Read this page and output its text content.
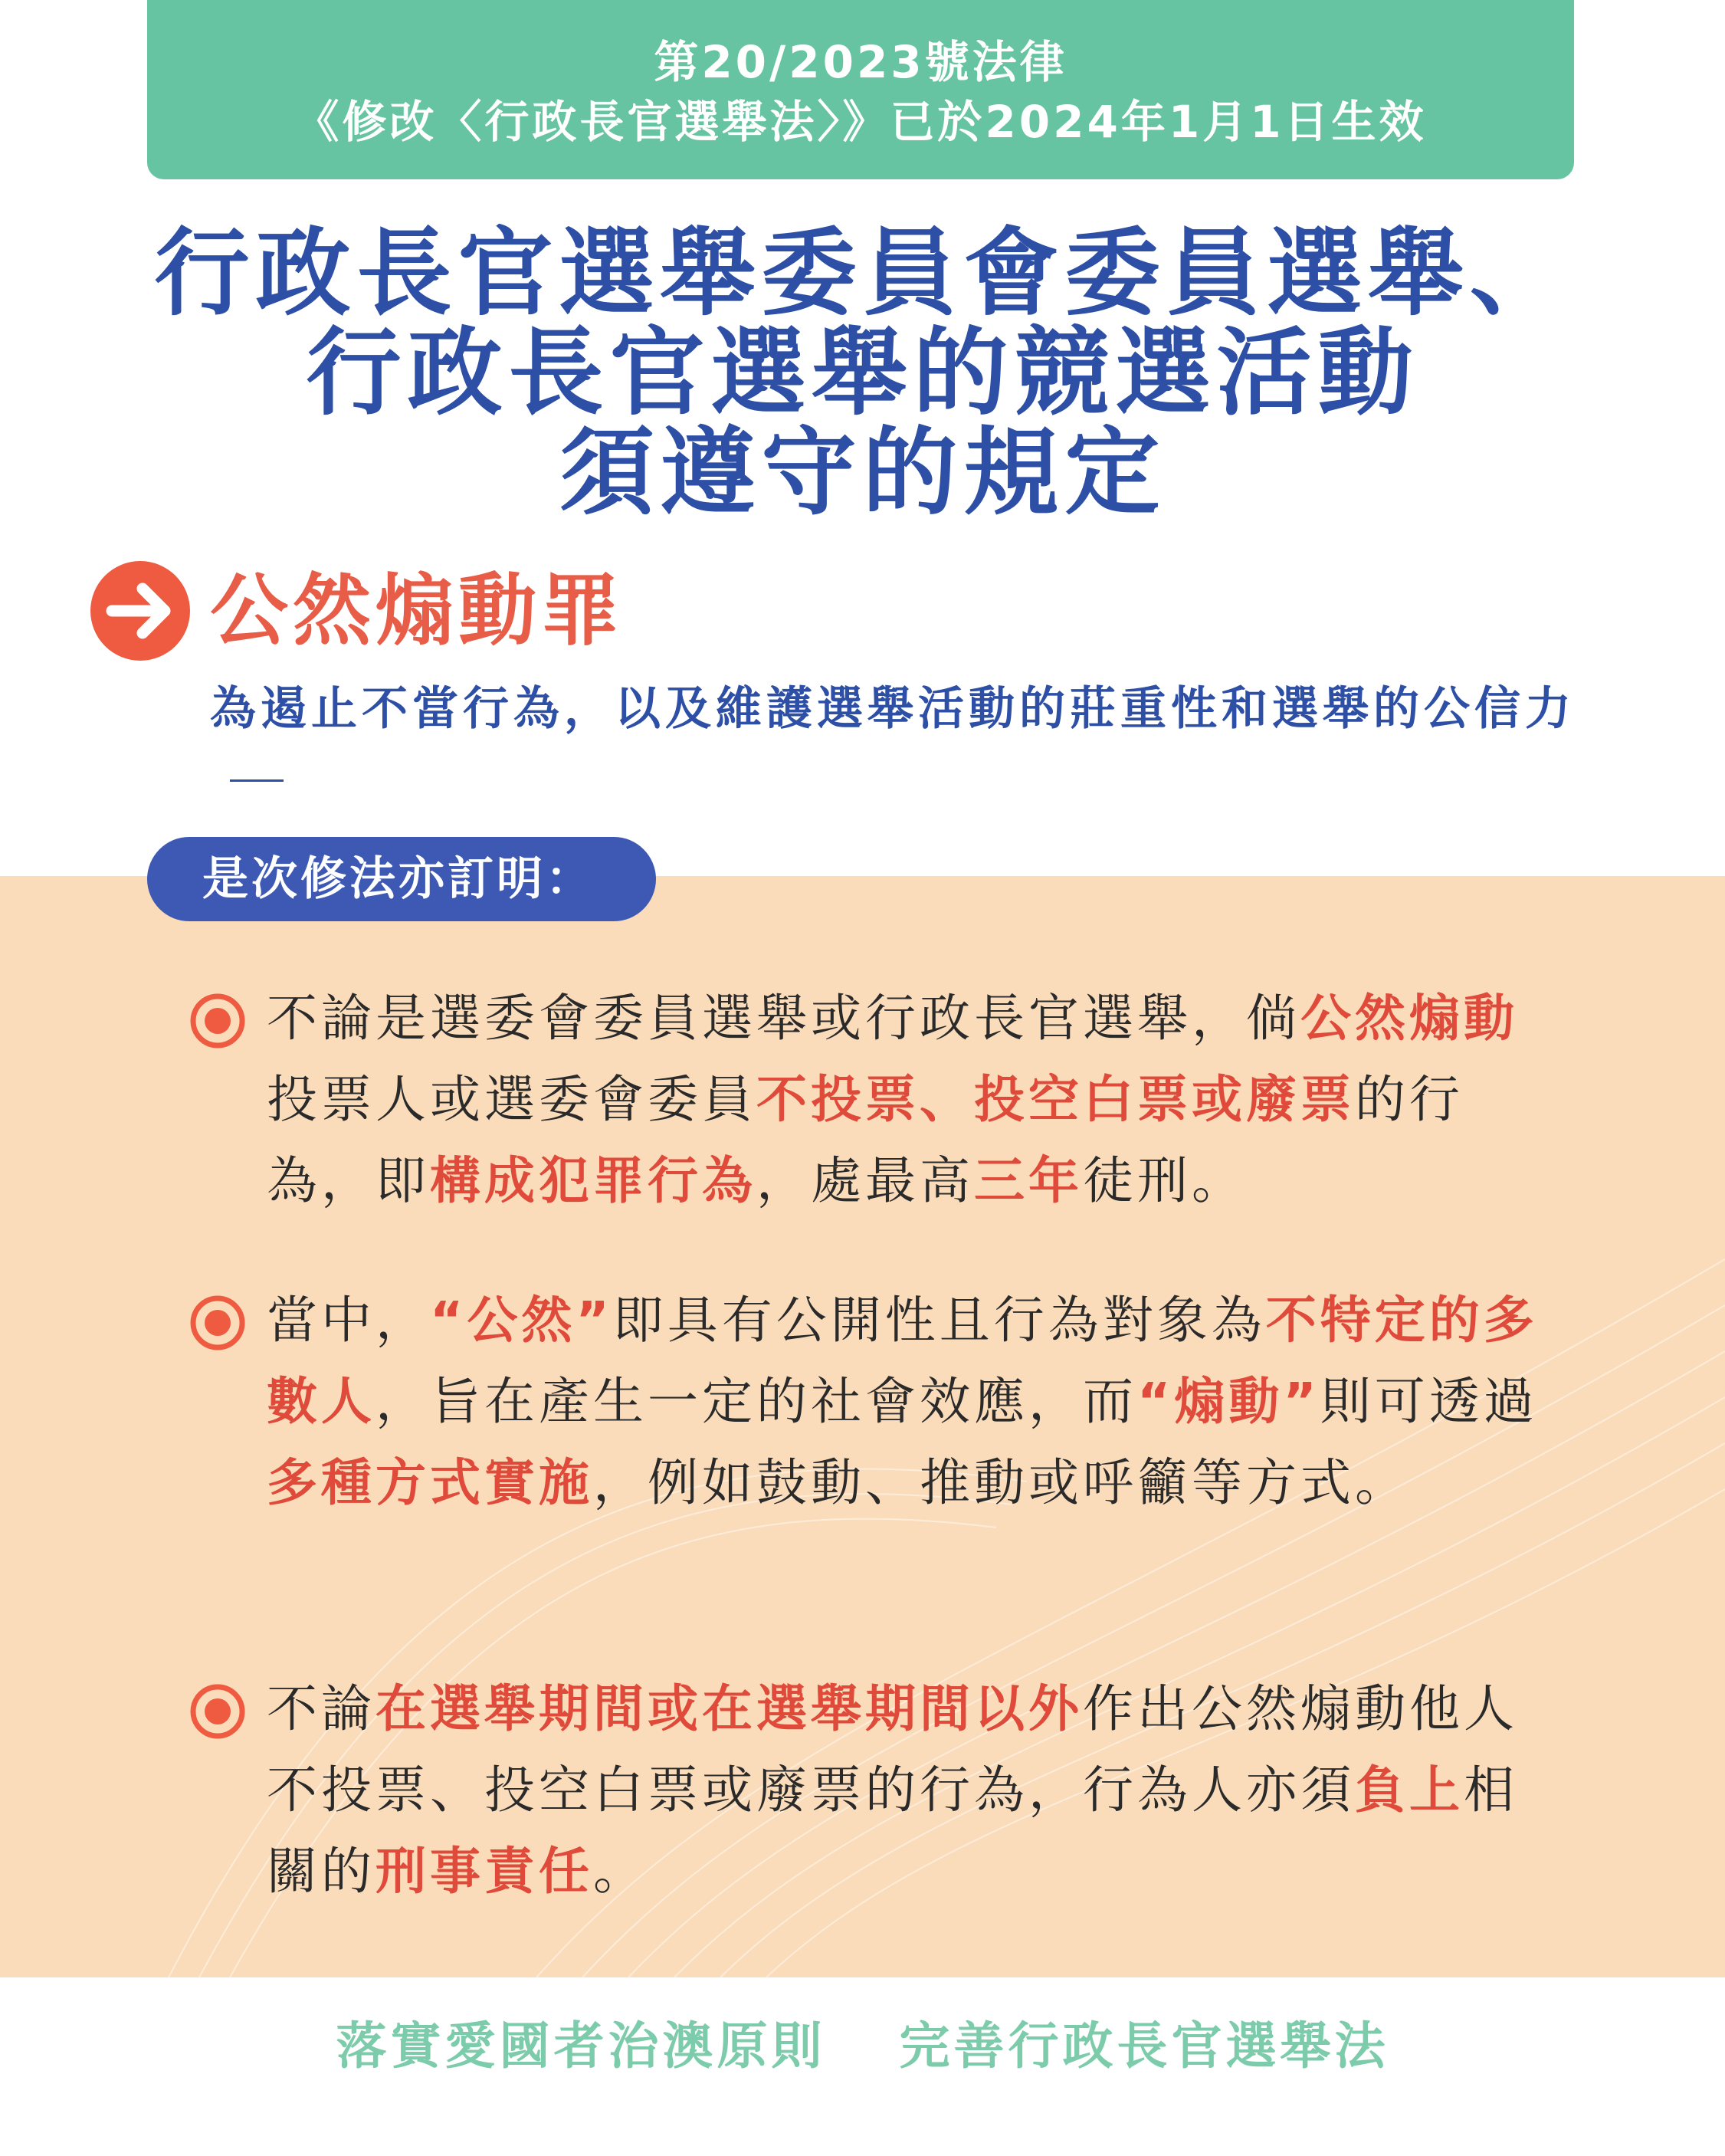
第20/2023號法律
《修改〈行政長官選舉法〉》已於2024年1月1日生效
行政長官選舉委員會委員選舉、
行政長官選舉的競選活動
須遵守的規定
公然煽動罪
為遏止不當行為，以及維護選舉活動的莊重性和選舉的公信力
是次修法亦訂明：
不論是選委會委員選舉或行政長官選舉，倘公然煽動投票人或選委會委員不投票、投空白票或廢票的行為，即構成犯罪行為，處最高三年徒刑。
當中，“公然”即具有公開性且行為對象為不特定的多數人，旨在產生一定的社會效應，而“煽動”則可透過多種方式實施，例如鼓動、推動或呼籲等方式。
不論在選舉期間或在選舉期間以外作出公然煽動他人不投票、投空白票或廢票的行為，行為人亦須負上相關的刑事責任。
落實愛國者治澳原則 完善行政長官選舉法
